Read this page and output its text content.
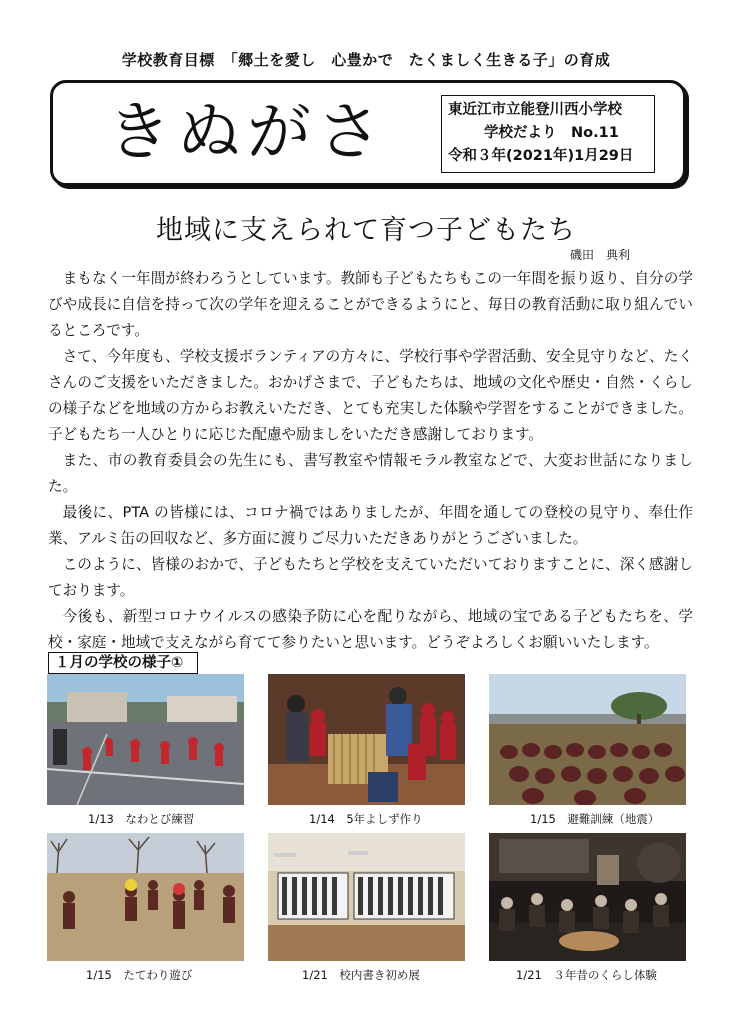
学校教育目標　「郷土を愛し　心豊かで　たくましく生きる子」の育成
きぬがさ	東近江市立能登川西小学校
学校だより　No.11
令和３年(2021年)1月29日
地域に支えられて育つ子どもたち
磯田　典利

まもなく一年間が終わろうとしています。教師も子どもたちもこの一年間を振り返り、自分の学びや成長に自信を持って次の学年を迎えることができるようにと、毎日の教育活動に取り組んでいるところです。

さて、今年度も、学校支援ボランティアの方々に、学校行事や学習活動、安全見守りなど、たくさんのご支援をいただきました。おかげさまで、子どもたちは、地域の文化や歴史・自然・くらしの様子などを地域の方からお教えいただき、とても充実した体験や学習をすることができました。子どもたち一人ひとりに応じた配慮や励ましをいただき感謝しております。

また、市の教育委員会の先生にも、書写教室や情報モラル教室などで、大変お世話になりました。

最後に、PTA の皆様には、コロナ禍ではありましたが、年間を通しての登校の見守り、奉仕作業、アルミ缶の回収など、多方面に渡りご尽力いただきありがとうございました。

このように、皆様のおかで、子どもたちと学校を支えていただいておりますことに、深く感謝しております。

今後も、新型コロナウイルスの感染予防に心を配りながら、地域の宝である子どもたちを、学校・家庭・地域で支えながら育てて参りたいと思います。どうぞよろしくお願いいたします。

１月の学校の様子①
1/13　なわとび練習	1/14　5年よしず作り	1/15　避難訓練（地震）
1/15　たてわり遊び	1/21　校内書き初め展	1/21　３年昔のくらし体験
